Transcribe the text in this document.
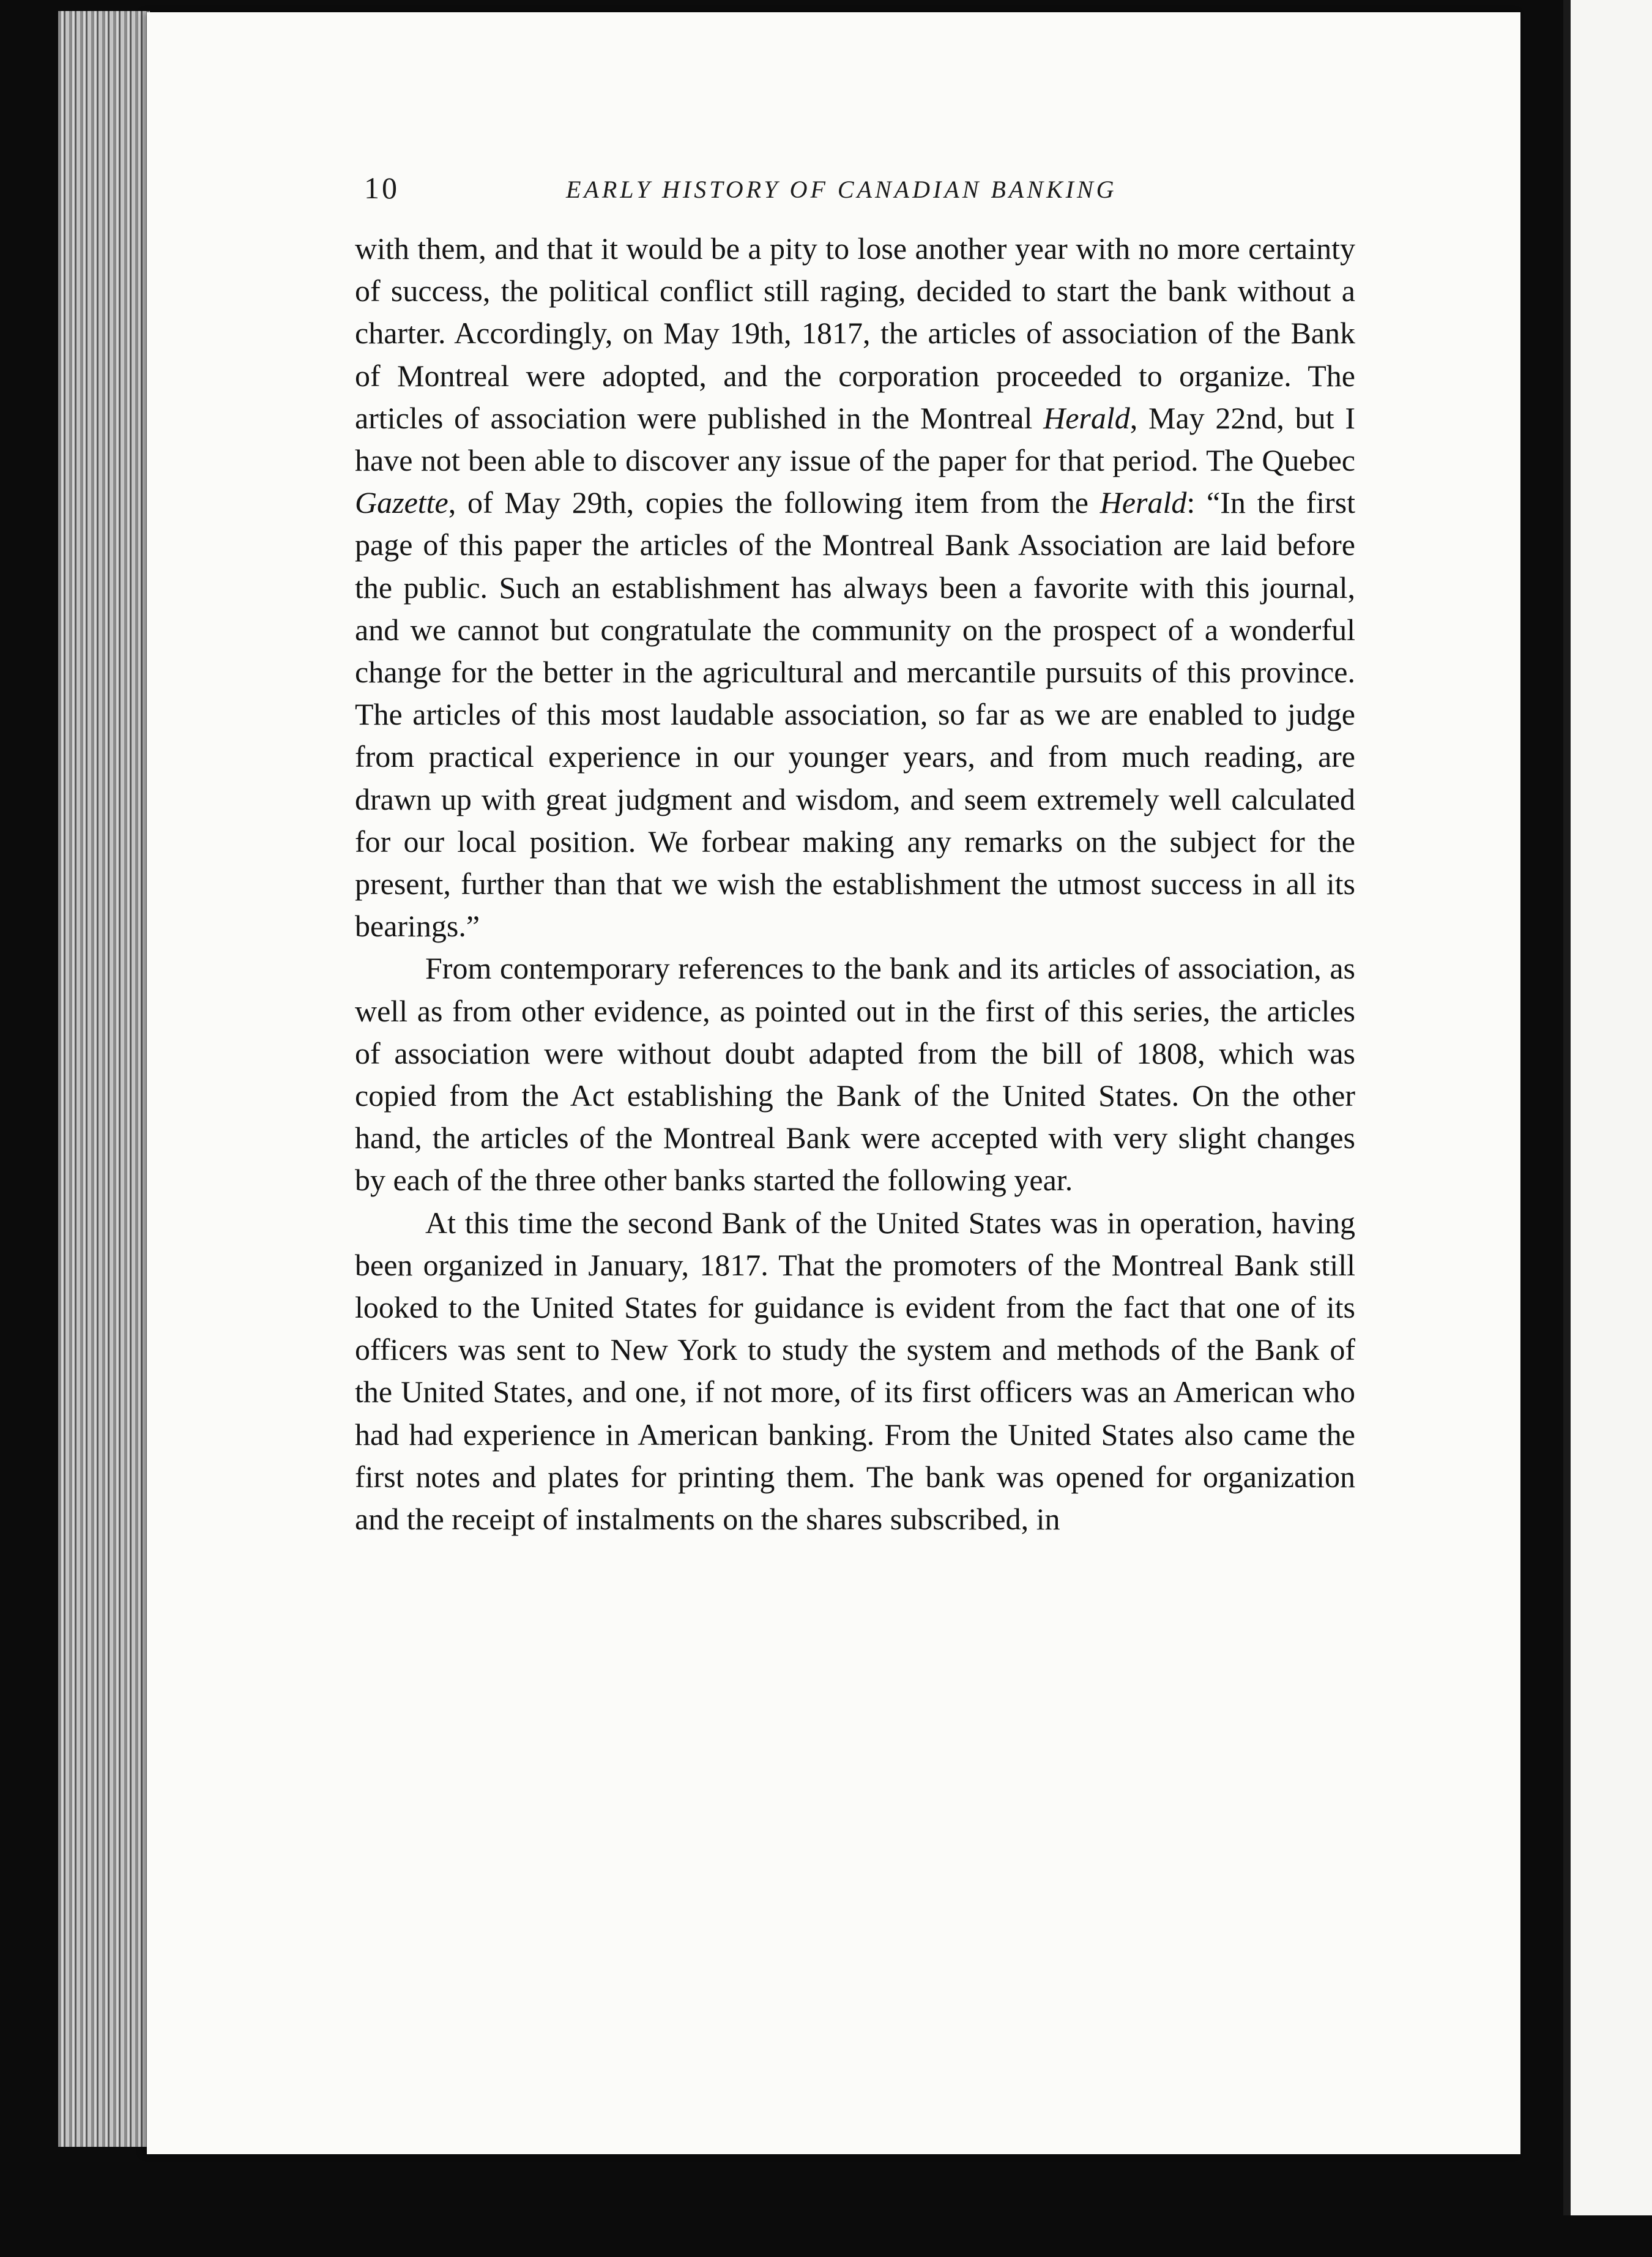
10	EARLY HISTORY OF CANADIAN BANKING

with them, and that it would be a pity to lose another year with no more certainty of success, the political conflict still raging, decided to start the bank without a charter. Accordingly, on May 19th, 1817, the articles of association of the Bank of Montreal were adopted, and the corporation proceeded to organize. The articles of association were published in the Montreal Herald, May 22nd, but I have not been able to discover any issue of the paper for that period. The Quebec Gazette, of May 29th, copies the following item from the Herald: “In the first page of this paper the articles of the Montreal Bank Association are laid before the public. Such an establishment has always been a favorite with this journal, and we cannot but congratulate the community on the prospect of a wonderful change for the better in the agricultural and mercantile pursuits of this province. The articles of this most laudable association, so far as we are enabled to judge from practical experience in our younger years, and from much reading, are drawn up with great judgment and wisdom, and seem extremely well calculated for our local position. We forbear making any remarks on the subject for the present, further than that we wish the establishment the utmost success in all its bearings.”

From contemporary references to the bank and its articles of association, as well as from other evidence, as pointed out in the first of this series, the articles of association were without doubt adapted from the bill of 1808, which was copied from the Act establishing the Bank of the United States. On the other hand, the articles of the Montreal Bank were accepted with very slight changes by each of the three other banks started the following year.

At this time the second Bank of the United States was in operation, having been organized in January, 1817. That the promoters of the Montreal Bank still looked to the United States for guidance is evident from the fact that one of its officers was sent to New York to study the system and methods of the Bank of the United States, and one, if not more, of its first officers was an American who had had experience in American banking. From the United States also came the first notes and plates for printing them. The bank was opened for organization and the receipt of instalments on the shares subscribed, in
